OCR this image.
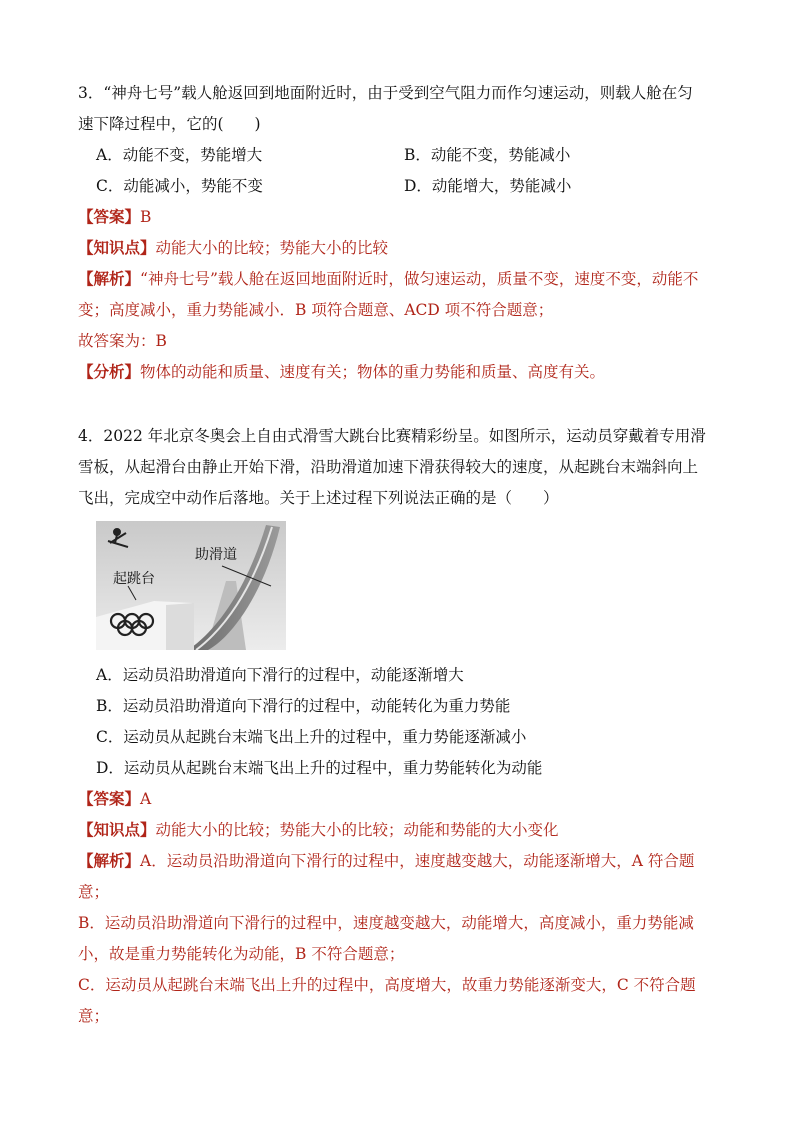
3．“神舟七号”载人舱返回到地面附近时，由于受到空气阻力而作匀速运动，则载人舱在匀
速下降过程中，它的(　　)
A．动能不变，势能增大	B．动能不变，势能减小
C．动能减小，势能不变	D．动能增大，势能减小
【答案】B
【知识点】动能大小的比较；势能大小的比较
【解析】“神舟七号”载人舱在返回地面附近时，做匀速运动，质量不变，速度不变，动能不
变；高度减小，重力势能减小．B 项符合题意、ACD 项不符合题意；
故答案为：B
【分析】物体的动能和质量、速度有关；物体的重力势能和质量、高度有关。
4．2022 年北京冬奥会上自由式滑雪大跳台比赛精彩纷呈。如图所示，运动员穿戴着专用滑
雪板，从起滑台由静止开始下滑，沿助滑道加速下滑获得较大的速度，从起跳台末端斜向上
飞出，完成空中动作后落地。关于上述过程下列说法正确的是（　　）
助滑道
起跳台
A．运动员沿助滑道向下滑行的过程中，动能逐渐增大
B．运动员沿助滑道向下滑行的过程中，动能转化为重力势能
C．运动员从起跳台末端飞出上升的过程中，重力势能逐渐减小
D．运动员从起跳台末端飞出上升的过程中，重力势能转化为动能
【答案】A
【知识点】动能大小的比较；势能大小的比较；动能和势能的大小变化
【解析】A．运动员沿助滑道向下滑行的过程中，速度越变越大，动能逐渐增大，A 符合题
意；
B．运动员沿助滑道向下滑行的过程中，速度越变越大，动能增大，高度减小，重力势能减
小，故是重力势能转化为动能，B 不符合题意；
C．运动员从起跳台末端飞出上升的过程中，高度增大，故重力势能逐渐变大，C 不符合题
意；
